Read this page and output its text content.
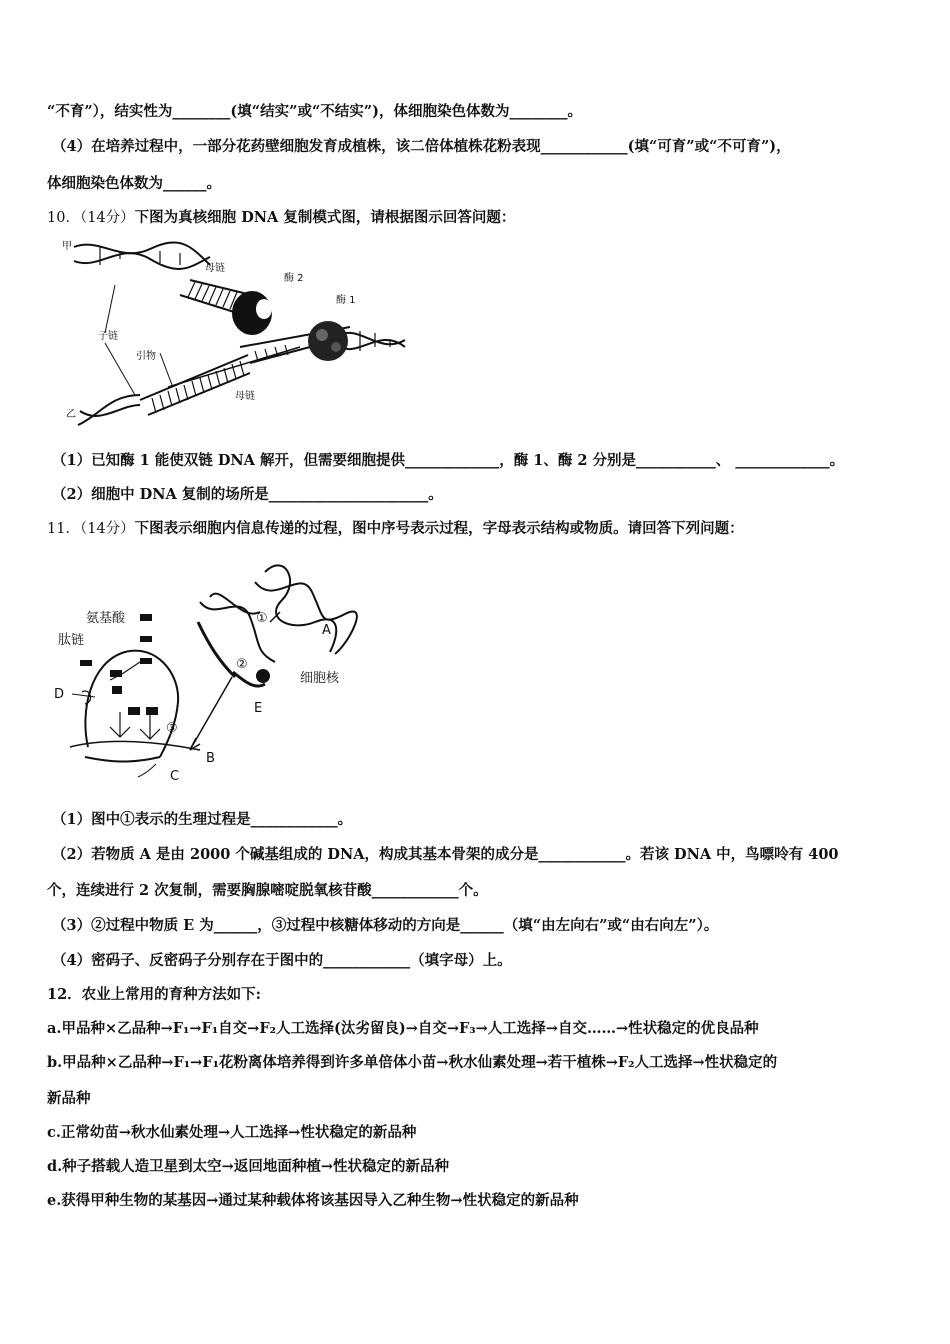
“不育”），结实性为________(填“结实”或“不结实”)，体细胞染色体数为________。
（4）在培养过程中，一部分花药壁细胞发育成植株，该二倍体植株花粉表现____________(填“可育”或“不可育”)，
体细胞染色体数为______。
10．（14分）下图为真核细胞 DNA 复制模式图，请根据图示回答问题：
甲
乙
母链
母链
子链
引物
酶 1
酶 2
（1）已知酶 1 能使双链 DNA 解开，但需要细胞提供_____________，酶 1、酶 2 分别是___________、 _____________。
（2）细胞中 DNA 复制的场所是______________________。
11．（14分）下图表示细胞内信息传递的过程，图中序号表示过程，字母表示结构或物质。请回答下列问题：
氨基酸
肽链
细胞核
①
②
③
A
B
C
D
E
（1）图中①表示的生理过程是____________。
（2）若物质 A 是由 2000 个碱基组成的 DNA，构成其基本骨架的成分是____________。若该 DNA 中，鸟嘌呤有 400
个，连续进行 2 次复制，需要胸腺嘧啶脱氧核苷酸____________个。
（3）②过程中物质 E 为______，③过程中核糖体移动的方向是______（填“由左向右”或“由右向左”）。
（4）密码子、反密码子分别存在于图中的____________（填字母）上。
12．农业上常用的育种方法如下:
a.甲品种×乙品种→F₁→F₁自交→F₂人工选择(汰劣留良)→自交→F₃→人工选择→自交……→性状稳定的优良品种
b.甲品种×乙品种→F₁→F₁花粉离体培养得到许多单倍体小苗→秋水仙素处理→若干植株→F₂人工选择→性状稳定的
新品种
c.正常幼苗→秋水仙素处理→人工选择→性状稳定的新品种
d.种子搭载人造卫星到太空→返回地面种植→性状稳定的新品种
e.获得甲种生物的某基因→通过某种载体将该基因导入乙种生物→性状稳定的新品种
